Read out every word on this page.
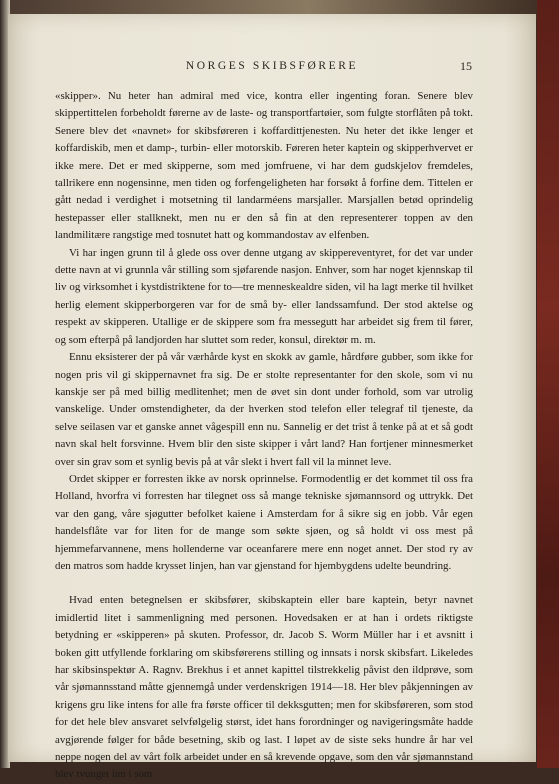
NORGES SKIBSFØRERE	15

«skipper». Nu heter han admiral med vice, kontra eller ingenting foran. Senere blev skippertittelen forbeholdt førerne av de laste- og transportfartøier, som fulgte storflåten på tokt. Senere blev det «navnet» for skibsføreren i koffardittjenesten. Nu heter det ikke lenger et koffardiskib, men et damp-, turbin- eller motorskib. Føreren heter kaptein og skipperhvervet er ikke mere. Det er med skipperne, som med jomfruene, vi har dem gudskjelov fremdeles, tallrikere enn nogensinne, men tiden og forfengeligheten har forsøkt å forfine dem. Tittelen er gått nedad i verdighet i motsetning til landarméens marsjaller. Marsjallen betød oprindelig hestepasser eller stallknekt, men nu er den så fin at den representerer toppen av den landmilitære rangstige med tosnutet hatt og kommandostav av elfenben.

Vi har ingen grunn til å glede oss over denne utgang av skippereventyret, for det var under dette navn at vi grunnla vår stilling som sjøfarende nasjon. Enhver, som har noget kjennskap til liv og virksomhet i kystdistriktene for to—tre menneskealdre siden, vil ha lagt merke til hvilket herlig element skipperborgeren var for de små by- eller landssamfund. Der stod aktelse og respekt av skipperen. Utallige er de skippere som fra messegutt har arbeidet sig frem til fører, og som efterpå på landjorden har sluttet som reder, konsul, direktør m. m.

Ennu eksisterer der på vår værhårde kyst en skokk av gamle, hårdføre gubber, som ikke for nogen pris vil gi skippernavnet fra sig. De er stolte representanter for den skole, som vi nu kanskje ser på med billig medlitenhet; men de øvet sin dont under forhold, som var utrolig vanskelige. Under omstendigheter, da der hverken stod telefon eller telegraf til tjeneste, da selve seilasen var et ganske annet vågespill enn nu. Sannelig er det trist å tenke på at et så godt navn skal helt forsvinne. Hvem blir den siste skipper i vårt land? Han fortjener minnesmerket over sin grav som et synlig bevis på at vår slekt i hvert fall vil la minnet leve.

Ordet skipper er forresten ikke av norsk oprinnelse. Formodentlig er det kommet til oss fra Holland, hvorfra vi forresten har tilegnet oss så mange tekniske sjømannsord og uttrykk. Det var den gang, våre sjøgutter befolket kaiene i Amsterdam for å sikre sig en jobb. Vår egen handelsflåte var for liten for de mange som søkte sjøen, og så holdt vi oss mest på hjemmefarvannene, mens hollenderne var oceanfarere mere enn noget annet. Der stod ry av den matros som hadde krysset linjen, han var gjenstand for hjembygdens udelte beundring.

Hvad enten betegnelsen er skibsfører, skibskaptein eller bare kaptein, betyr navnet imidlertid litet i sammenligning med personen. Hovedsaken er at han i ordets riktigste betydning er «skipperen» på skuten. Professor, dr. Jacob S. Worm Müller har i et avsnitt i boken gitt utfyllende forklaring om skibsførerens stilling og innsats i norsk skibsfart. Likeledes har skibsinspektør A. Ragnv. Brekhus i et annet kapittel tilstrekkelig påvist den ildprøve, som vår sjømannsstand måtte gjennemgå under verdenskrigen 1914—18. Her blev påkjenningen av krigens gru like intens for alle fra første officer til dekksgutten; men for skibsføreren, som stod for det hele blev ansvaret selvfølgelig størst, idet hans forordninger og navigeringsmåte hadde avgjørende følger for både besetning, skib og last. I løpet av de siste seks hundre år har vel neppe nogen del av vårt folk arbeidet under en så krevende opgave, som den vår sjømannstand blev tvunget inn i som
